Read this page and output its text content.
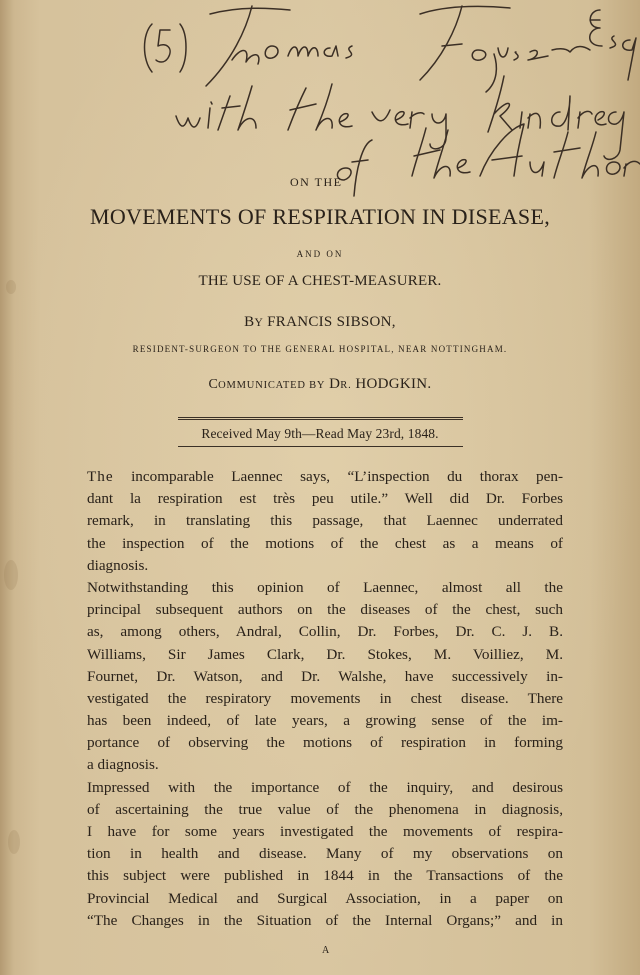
ON THE
MOVEMENTS OF RESPIRATION IN DISEASE,
AND ON
THE USE OF A CHEST-MEASURER.
BY FRANCIS SIBSON,
RESIDENT-SURGEON TO THE GENERAL HOSPITAL, NEAR NOTTINGHAM.
COMMUNICATED BY DR. HODGKIN.
Received May 9th—Read May 23rd, 1848.
The incomparable Laennec says, “L’inspection du thorax pen-
dant la respiration est très peu utile.” Well did Dr. Forbes
remark, in translating this passage, that Laennec underrated
the inspection of the motions of the chest as a means of
diagnosis.
Notwithstanding this opinion of Laennec, almost all the
principal subsequent authors on the diseases of the chest, such
as, among others, Andral, Collin, Dr. Forbes, Dr. C. J. B.
Williams, Sir James Clark, Dr. Stokes, M. Voilliez, M.
Fournet, Dr. Watson, and Dr. Walshe, have successively in-
vestigated the respiratory movements in chest disease. There
has been indeed, of late years, a growing sense of the im-
portance of observing the motions of respiration in forming
a diagnosis.
Impressed with the importance of the inquiry, and desirous
of ascertaining the true value of the phenomena in diagnosis,
I have for some years investigated the movements of respira-
tion in health and disease. Many of my observations on
this subject were published in 1844 in the Transactions of the
Provincial Medical and Surgical Association, in a paper on
“The Changes in the Situation of the Internal Organs;” and in
A
